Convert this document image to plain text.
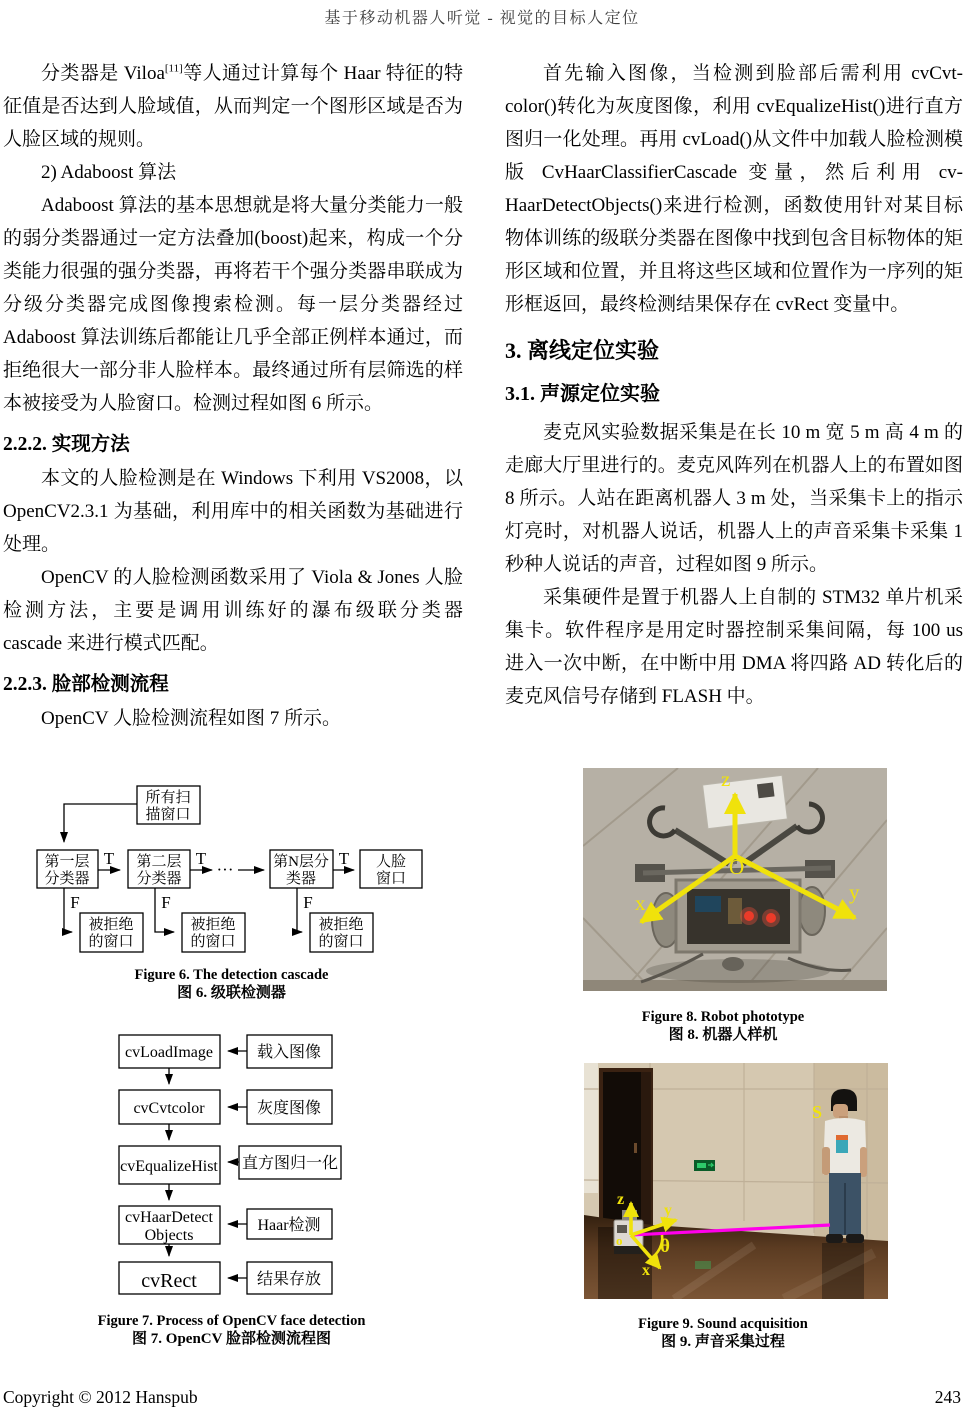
基于移动机器人听觉 - 视觉的目标人定位

分类器是 Viloa[11]等人通过计算每个 Haar 特征的特征值是否达到人脸域值，从而判定一个图形区域是否为人脸区域的规则。

2) Adaboost 算法

Adaboost 算法的基本思想就是将大量分类能力一般的弱分类器通过一定方法叠加(boost)起来，构成一个分类能力很强的强分类器，再将若干个强分类器串联成为分级分类器完成图像搜索检测。每一层分类器经过 Adaboost 算法训练后都能让几乎全部正例样本通过，而拒绝很大一部分非人脸样本。最终通过所有层筛选的样本被接受为人脸窗口。检测过程如图 6 所示。

2.2.2. 实现方法

本文的人脸检测是在 Windows 下利用 VS2008，以 OpenCV2.3.1 为基础，利用库中的相关函数为基础进行处理。

OpenCV 的人脸检测函数采用了 Viola & Jones 人脸检测方法，主要是调用训练好的瀑布级联分类器 cascade 来进行模式匹配。

2.2.3. 脸部检测流程

OpenCV 人脸检测流程如图 7 所示。

首先输入图像，当检测到脸部后需利用 cvCvt-color()转化为灰度图像，利用 cvEqualizeHist()进行直方图归一化处理。再用 cvLoad()从文件中加载人脸检测模版 CvHaarClassifierCascade 变量，然后利用 cv-HaarDetectObjects()来进行检测，函数使用针对某目标物体训练的级联分类器在图像中找到包含目标物体的矩形区域和位置，并且将这些区域和位置作为一序列的矩形框返回，最终检测结果保存在 cvRect 变量中。

3. 离线定位实验
3.1. 声源定位实验

麦克风实验数据采集是在长 10 m 宽 5 m 高 4 m 的走廊大厅里进行的。麦克风阵列在机器人上的布置如图 8 所示。人站在距离机器人 3 m 处，当采集卡上的指示灯亮时，对机器人说话，机器人上的声音采集卡采集 1 秒种人说话的声音，过程如图 9 所示。

采集硬件是置于机器人上自制的 STM32 单片机采集卡。软件程序是用定时器控制采集间隔，每 100 us 进入一次中断，在中断中用 DMA 将四路 AD 转化后的麦克风信号存储到 FLASH 中。

所有扫
描窗口
第一层
分类器
第二层
分类器
第N层分
类器
人脸
窗口
被拒绝
的窗口
被拒绝
的窗口
被拒绝
的窗口
T	T	T
···
F	F	F
Figure 6. The detection cascade
图 6. 级联检测器
cvLoadImage	载入图像
cvCvtcolor	灰度图像
cvEqualizeHist 直方图归一化
cvHaarDetect
Objects
Haar检测
cvRect	结果存放
Figure 7. Process of OpenCV face detection
图 7. OpenCV 脸部检测流程图
z
O
x	y
Figure 8. Robot phototype
图 8. 机器人样机
S
z
y
x
o θ
Figure 9. Sound acquisition
图 9. 声音采集过程
Copyright © 2012 Hanspub	243
